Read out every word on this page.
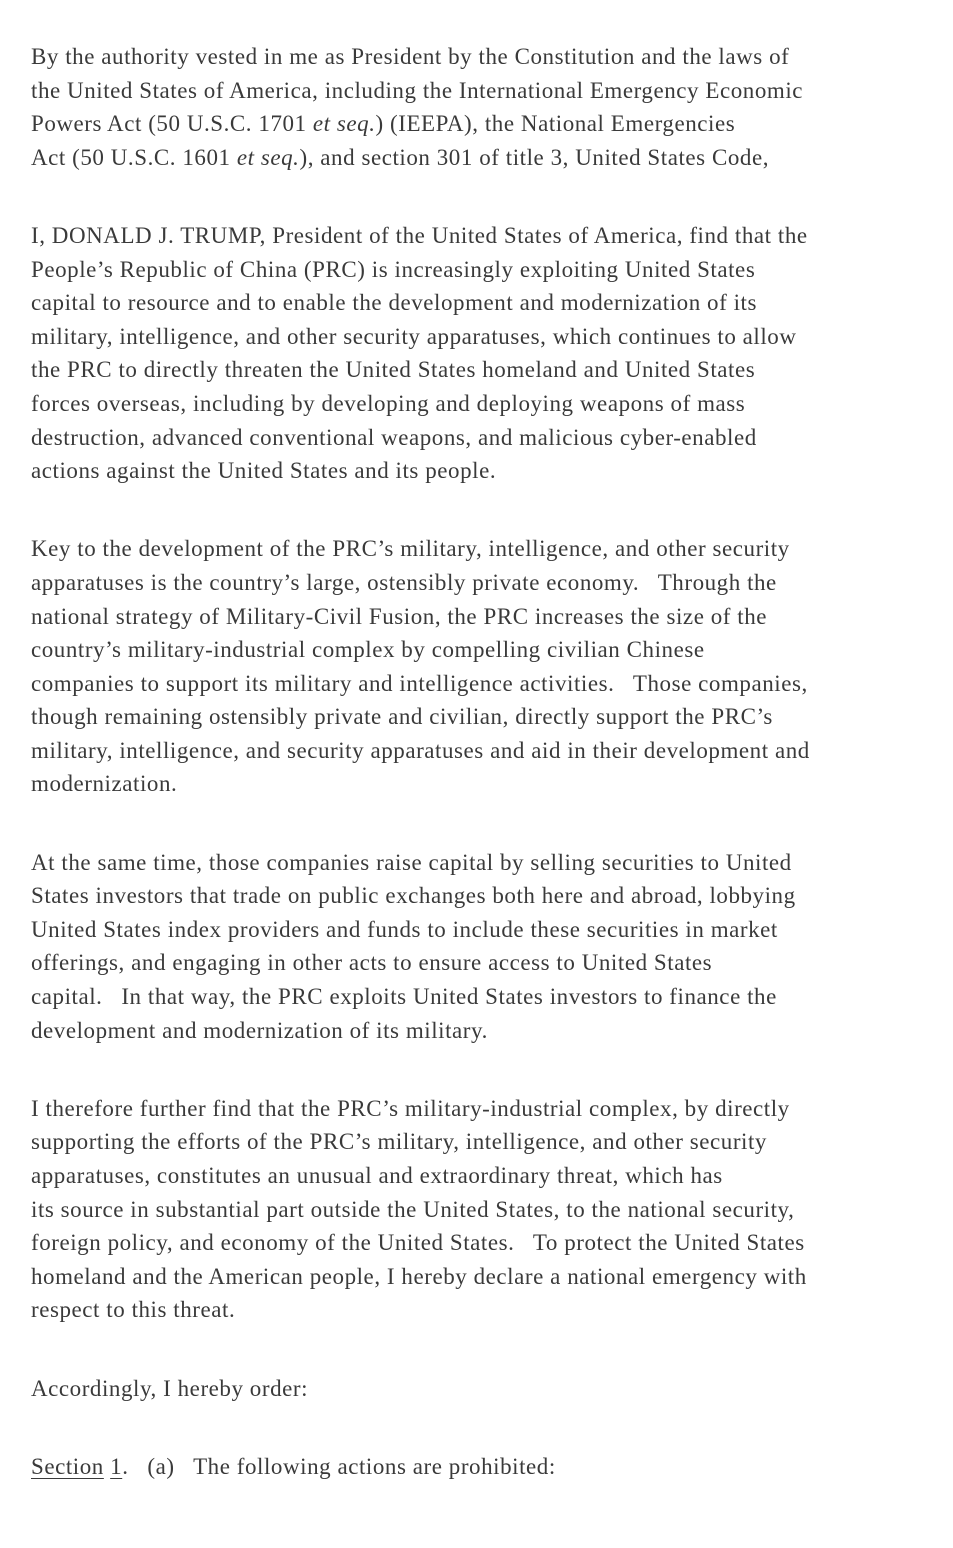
By the authority vested in me as President by the Constitution and the laws of
the United States of America, including the International Emergency Economic
Powers Act (50 U.S.C. 1701 et seq.) (IEEPA), the National Emergencies
Act (50 U.S.C. 1601 et seq.), and section 301 of title 3, United States Code,
I, DONALD J. TRUMP, President of the United States of America, find that the
People’s Republic of China (PRC) is increasingly exploiting United States
capital to resource and to enable the development and modernization of its
military, intelligence, and other security apparatuses, which continues to allow
the PRC to directly threaten the United States homeland and United States
forces overseas, including by developing and deploying weapons of mass
destruction, advanced conventional weapons, and malicious cyber-enabled
actions against the United States and its people.
Key to the development of the PRC’s military, intelligence, and other security
apparatuses is the country’s large, ostensibly private economy.   Through the
national strategy of Military-Civil Fusion, the PRC increases the size of the
country’s military-industrial complex by compelling civilian Chinese
companies to support its military and intelligence activities.   Those companies,
though remaining ostensibly private and civilian, directly support the PRC’s
military, intelligence, and security apparatuses and aid in their development and
modernization.
At the same time, those companies raise capital by selling securities to United
States investors that trade on public exchanges both here and abroad, lobbying
United States index providers and funds to include these securities in market
offerings, and engaging in other acts to ensure access to United States
capital.   In that way, the PRC exploits United States investors to finance the
development and modernization of its military.
I therefore further find that the PRC’s military-industrial complex, by directly
supporting the efforts of the PRC’s military, intelligence, and other security
apparatuses, constitutes an unusual and extraordinary threat, which has
its source in substantial part outside the United States, to the national security,
foreign policy, and economy of the United States.   To protect the United States
homeland and the American people, I hereby declare a national emergency with
respect to this threat.
Accordingly, I hereby order:
Section 1.   (a)   The following actions are prohibited:
